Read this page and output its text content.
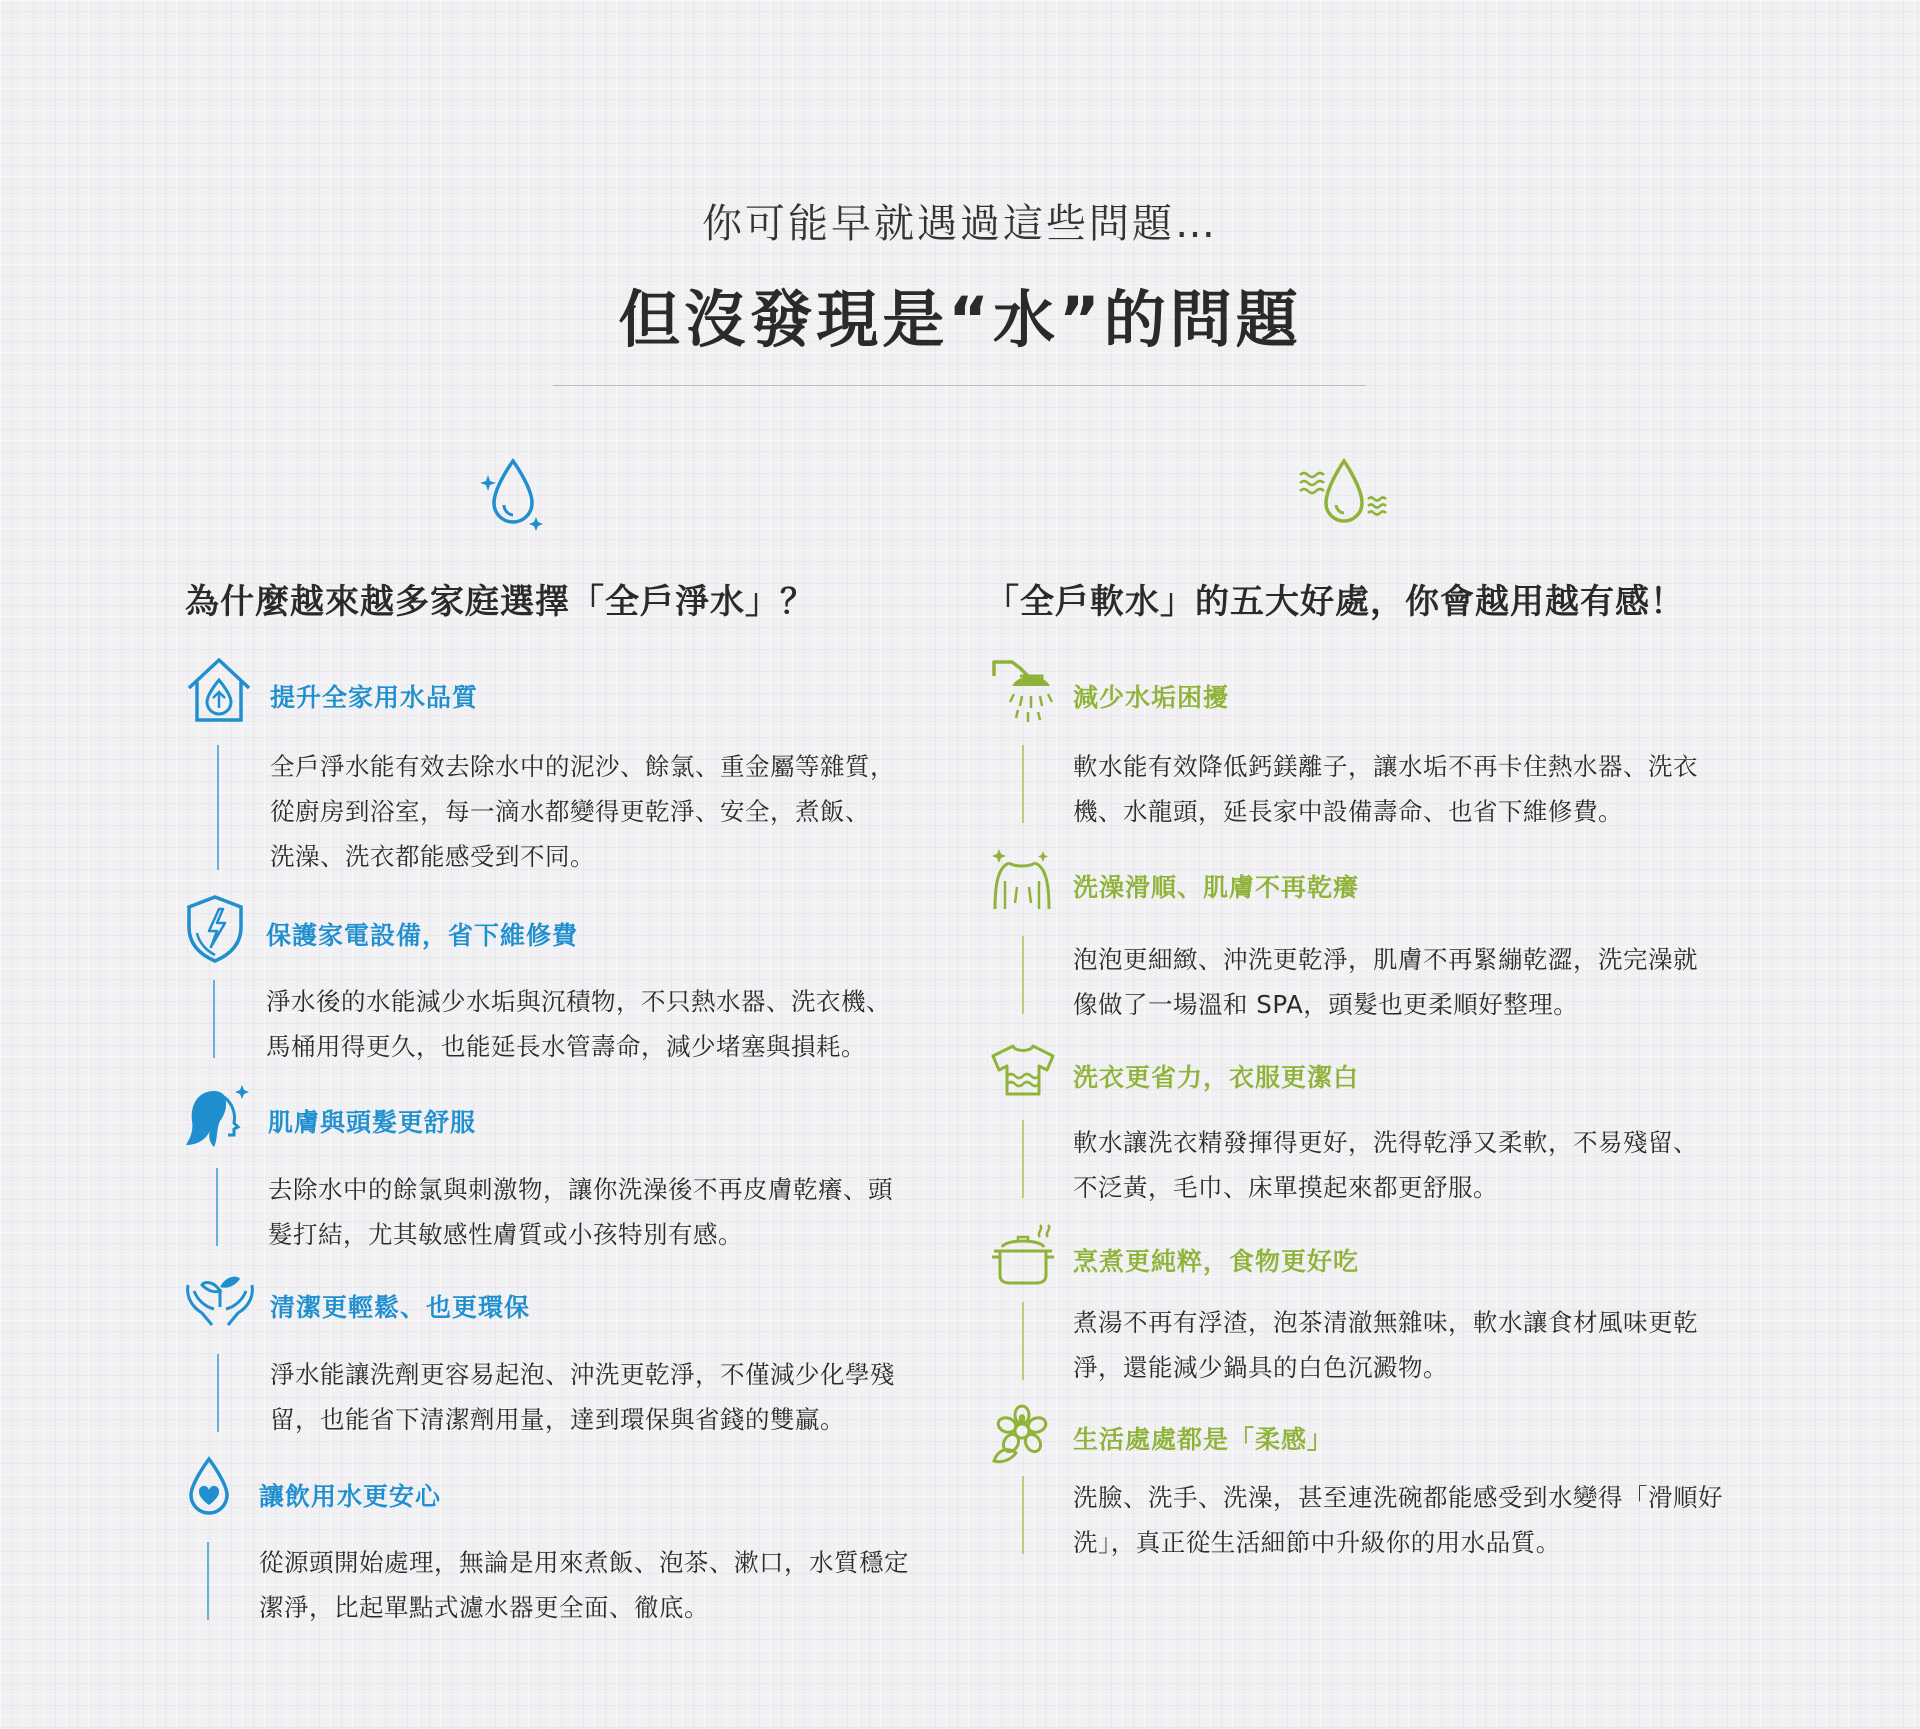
你可能早就遇過這些問題…
但沒發現是“水”的問題
為什麼越來越多家庭選擇「全戶淨水」？
提升全家用水品質
全戶淨水能有效去除水中的泥沙、餘氯、重金屬等雜質，
從廚房到浴室，每一滴水都變得更乾淨、安全，煮飯、
洗澡、洗衣都能感受到不同。
保護家電設備，省下維修費
淨水後的水能減少水垢與沉積物，不只熱水器、洗衣機、
馬桶用得更久，也能延長水管壽命，減少堵塞與損耗。
肌膚與頭髮更舒服
去除水中的餘氯與刺激物，讓你洗澡後不再皮膚乾癢、頭
髮打結，尤其敏感性膚質或小孩特別有感。
清潔更輕鬆、也更環保
淨水能讓洗劑更容易起泡、沖洗更乾淨，不僅減少化學殘
留，也能省下清潔劑用量，達到環保與省錢的雙贏。
讓飲用水更安心
從源頭開始處理，無論是用來煮飯、泡茶、漱口，水質穩定
潔淨，比起單點式濾水器更全面、徹底。
「全戶軟水」的五大好處，你會越用越有感！
減少水垢困擾
軟水能有效降低鈣鎂離子，讓水垢不再卡住熱水器、洗衣
機、水龍頭，延長家中設備壽命、也省下維修費。
洗澡滑順、肌膚不再乾癢
泡泡更細緻、沖洗更乾淨，肌膚不再緊繃乾澀，洗完澡就
像做了一場溫和 SPA，頭髮也更柔順好整理。
洗衣更省力，衣服更潔白
軟水讓洗衣精發揮得更好，洗得乾淨又柔軟，不易殘留、
不泛黃，毛巾、床單摸起來都更舒服。
烹煮更純粹，食物更好吃
煮湯不再有浮渣，泡茶清澈無雜味，軟水讓食材風味更乾
淨，還能減少鍋具的白色沉澱物。
生活處處都是「柔感」
洗臉、洗手、洗澡，甚至連洗碗都能感受到水變得「滑順好
洗」，真正從生活細節中升級你的用水品質。
